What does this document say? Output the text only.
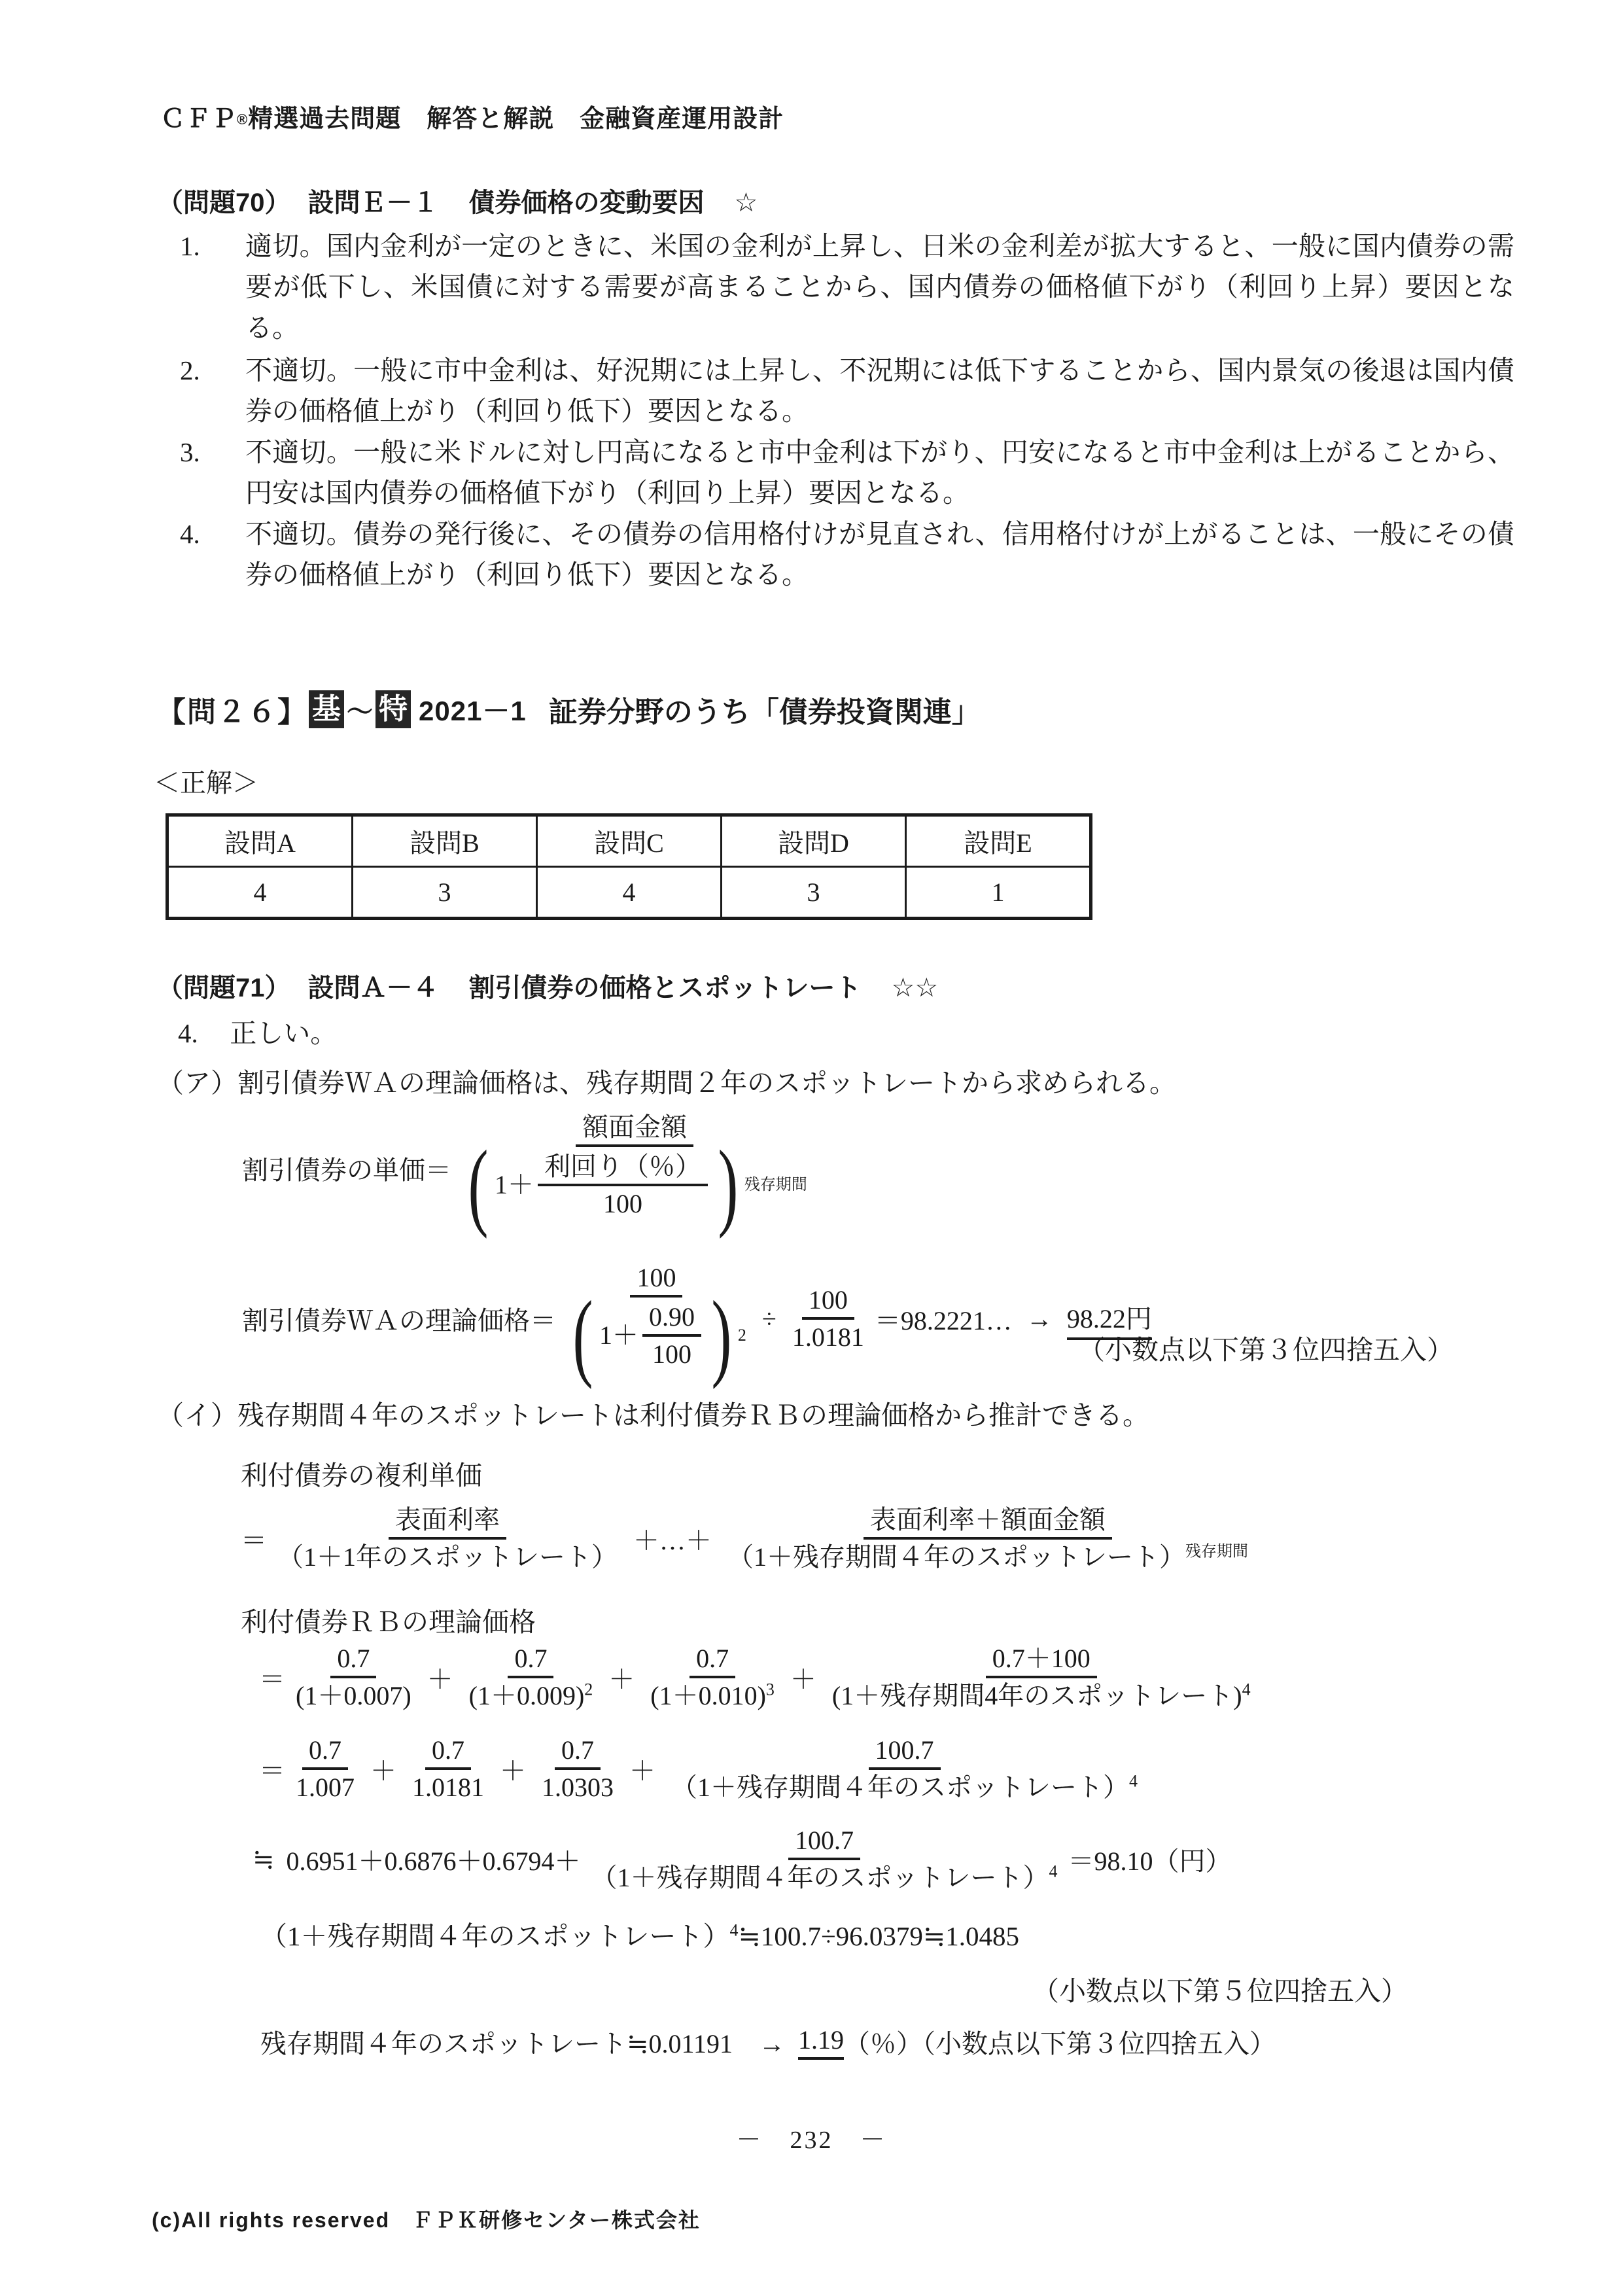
ＣＦＰ®精選過去問題　解答と解説　金融資産運用設計
（問題70） 設問Ｅ－１ 債券価格の変動要因 ☆
1.	適切。国内金利が一定のときに、米国の金利が上昇し、日米の金利差が拡大すると、一般に国内債券の需要が低下し、米国債に対する需要が高まることから、国内債券の価格値下がり（利回り上昇）要因となる。
2.	不適切。一般に市中金利は、好況期には上昇し、不況期には低下することから、国内景気の後退は国内債券の価格値上がり（利回り低下）要因となる。
3.	不適切。一般に米ドルに対し円高になると市中金利は下がり、円安になると市中金利は上がることから、円安は国内債券の価格値下がり（利回り上昇）要因となる。
4.	不適切。債券の発行後に、その債券の信用格付けが見直され、信用格付けが上がることは、一般にその債券の価格値上がり（利回り低下）要因となる。
【問２６】 基 〜 特 2021－1 証券分野のうち「債券投資関連」
＜正解＞
設問A	設問B	設問C	設問D	設問E
4	3	4	3	1
（問題71） 設問Ａ－４ 割引債券の価格とスポットレート ☆☆
4. 正しい。
（ア）割引債券ＷＡの理論価格は、残存期間２年のスポットレートから求められる。
割引債券の単価＝
額面金額
( $1+ \frac{\text{利回り（％）}}{100}$ ) 残存期間
割引債券ＷＡの理論価格＝
100
( $1+ \frac{0.90}{100}$ ) 2
÷ $\frac{100}{1.0181}$ ＝98.2221… → 98.22円
（小数点以下第３位四捨五入）
（イ）残存期間４年のスポットレートは利付債券ＲＢの理論価格から推計できる。
利付債券の複利単価
＝ $\frac{\text{表面利率}}{\text{（1＋1年のスポットレート）}}$ ＋…＋ $\frac{\text{表面利率＋額面金額}}{(1+残存期間4年のスポットレート)^{残存期間}}$
利付債券ＲＢの理論価格
＝ $\frac{0.7}{(1+0.007)} + \frac{0.7}{(1+0.009)^2} + \frac{0.7}{(1+0.010)^3} + \frac{0.7+100}{(1+残存期間4年のスポットレート)^4}$
＝ $\frac{0.7}{1.007} + \frac{0.7}{1.0181} + \frac{0.7}{1.0303} + \frac{100.7}{(1+残存期間4年のスポットレート)^4}$
≒ $0.6951+0.6876+0.6794+ \frac{100.7}{(1+残存期間4年のスポットレート)^4} =98.10$（円）
（1＋残存期間４年のスポットレート）$^4$≒100.7÷96.0379≒1.0485
（小数点以下第５位四捨五入）
残存期間４年のスポットレート≒0.01191　→ 1.19 （％）（小数点以下第３位四捨五入）
－　232　－
(c)All rights reserved　ＦＰＫ研修センター株式会社
